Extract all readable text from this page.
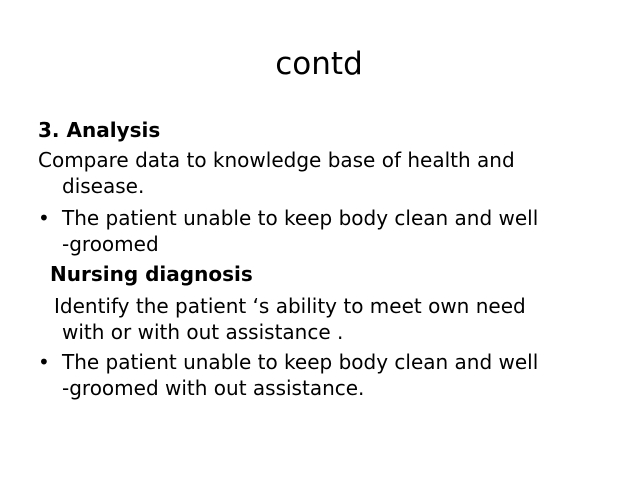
contd
3. Analysis
Compare data to knowledge base of health and
disease.
• The patient unable to keep body clean and well
-groomed
Nursing diagnosis
Identify the patient ‘s ability to meet own need
with or with out assistance .
• The patient unable to keep body clean and well
-groomed with out assistance.
